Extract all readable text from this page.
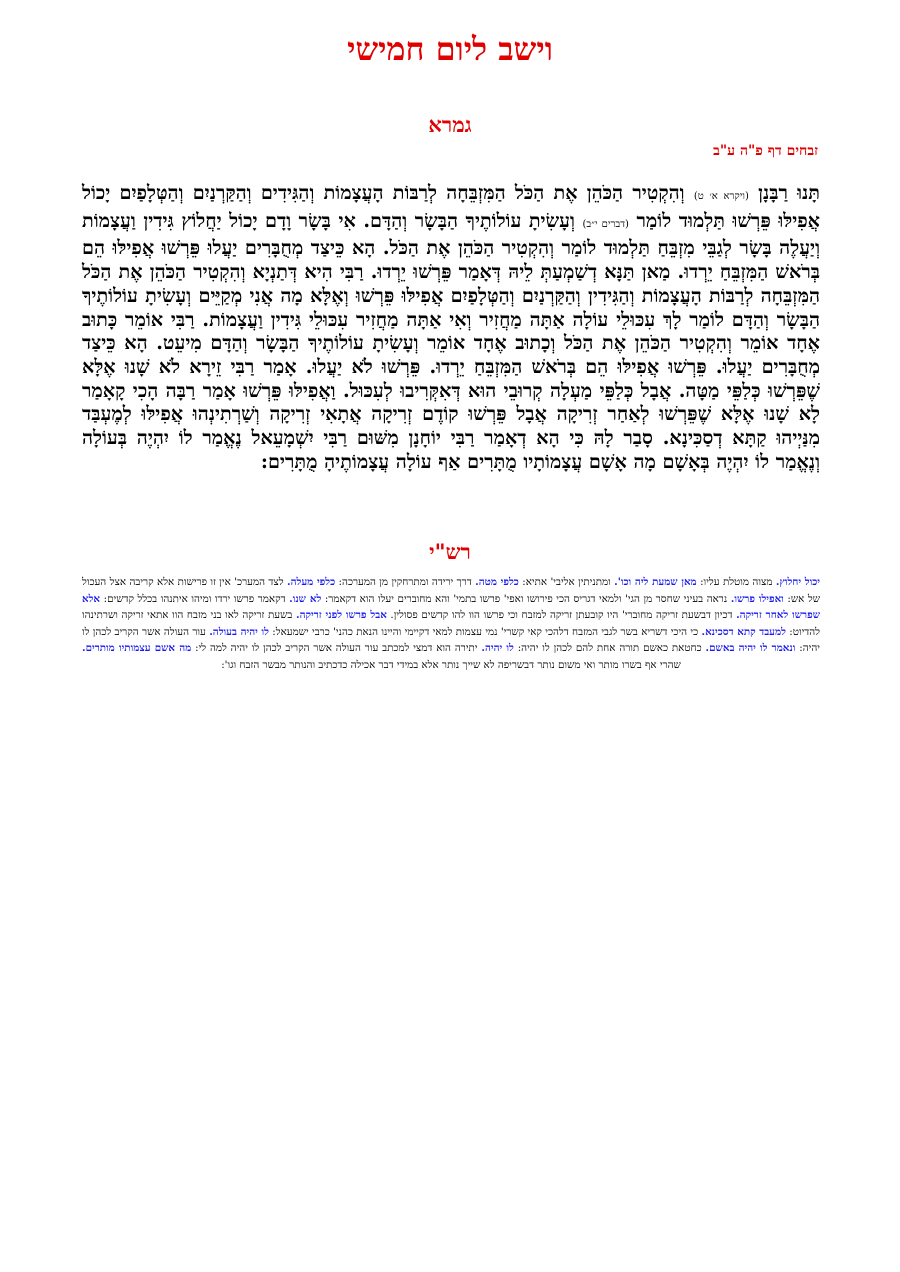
וישב ליום חמישי
גמרא
זבחים דף פ"ה ע"ב

תָּנוּ רַבָּנָן (ויקרא א׳ ט) וְהִקְטִיר הַכֹּהֵן אֶת הַכֹּל הַמִּזְבֵּחָה לְרַבּוֹת הָעֲצָמוֹת וְהַגִּידִים וְהַקַּרְנַיִם וְהַטְּלָפַיִם יָכוֹל אֲפִילּוּ פֵּרְשׁוּ תַּלְמוּד לוֹמַר (דברים י״ב) וְעָשִׂיתָ עוֹלוֹתֶיךָ הַבָּשָׂר וְהַדָּם. אִי בָּשָׂר וָדָם יָכוֹל יַחֲלוֹץ גִּידִין וַעֲצָמוֹת וְיַעֲלֶה בָּשָׂר לְגַבֵּי מִזְבֵּחַ תַּלְמוּד לוֹמַר וְהִקְטִיר הַכֹּהֵן אֶת הַכֹּל. הָא כֵּיצַד מְחֻבָּרִים יַעֲלוּ פֵּרְשׁוּ אֲפִילּוּ הֵם בְּרֹאשׁ הַמִּזְבֵּחַ יֵרְדוּ. מַאן תַּנָּא דְשַׁמְעַתְּ לֵיהּ דְּאָמַר פֵּרְשׁוּ יֵרְדוּ. רַבִּי הִיא דְּתַנְיָא וְהִקְטִיר הַכֹּהֵן אֶת הַכֹּל הַמִּזְבֵּחָה לְרַבּוֹת הָעֲצָמוֹת וְהַגִּידִין וְהַקַּרְנַיִם וְהַטְּלָפַיִם אֲפִילּוּ פֵּרְשׁוּ וְאֶלָּא מָה אֲנִי מְקַיֵּים וְעָשִׂיתָ עוֹלוֹתֶיךָ הַבָּשָׂר וְהַדָּם לוֹמַר לָךְ עִכּוּלֵי עוֹלָה אַתָּה מַחֲזִיר וְאִי אַתָּה מַחֲזִיר עִכּוּלֵי גִּידִין וַעֲצָמוֹת. רַבִּי אוֹמֵר כָּתוּב אֶחָד אוֹמֵר וְהִקְטִיר הַכֹּהֵן אֶת הַכֹּל וְכָתוּב אֶחָד אוֹמֵר וְעָשִׂיתָ עוֹלוֹתֶיךָ הַבָּשָׂר וְהַדָּם מִיעֵט. הָא כֵּיצַד מְחֻבָּרִים יַעֲלוּ. פֵּרְשׁוּ אֲפִילּוּ הֵם בְּרֹאשׁ הַמִּזְבֵּחַ יֵרְדוּ. פֵּרְשׁוּ לֹא יַעֲלוּ. אָמַר רַבִּי זֵירָא לֹא שָׁנוּ אֶלָּא שֶׁפֵּרְשׁוּ כְּלַפֵּי מַטָּה. אֲבָל כְּלַפֵּי מַעְלָה קְרוּבֵי הוּא דְּאִקְּרִיבוּ לְעִכּוּל. וַאֲפִילּוּ פֵּרְשׁוּ אָמַר רַבָּה הָכִי קָאָמַר לָא שָׁנוּ אֶלָּא שֶׁפֵּרְשׁוּ לְאַחַר זְרִיקָה אֲבָל פֵּרְשׁוּ קוֹדֶם זְרִיקָה אֲתָאִי זְרִיקָה וְשַׁרְתִינְהוּ אֲפִילּוּ לְמֶעְבַּד מִנַּיְיהוּ קַתָּא דְסַכִּינָא. סָבַר לָהּ כִּי הָא דְאָמַר רַבִּי יוֹחָנָן מִשּׁוּם רַבִּי יִשְׁמָעֵאל נֶאֱמַר לוֹ יִהְיֶה בְּעוֹלָה וְנֶאֱמַר לוֹ יִהְיֶה בְּאָשָׁם מָה אָשָׁם עֲצָמוֹתָיו מֻתָּרִים אַף עוֹלָה עֲצָמוֹתֶיהָ מֻתָּרִים:

רש"י

יכול יחלוץ. מצוה מוטלת עליו: מאן שמעת ליה וכו'. ומתניתין אליבי' אתיא: כלפי מטה. דרך ירידה ומתרחקין מן המערכה: כלפי מעלה. לצד המערכ' אין זו פרישות אלא קריבה אצל העכול של אש: ואפילו פרשו. נראה בעיני שחסר מן הגי' ולמאי דגריס הכי פירושו ואפי' פרשו בתמי' והא מחוברים יעלו הוא דקאמר: לא שנו. דקאמר פרשו ירדו ומיהו איתנהו בכלל קדשים: אלא שפרשו לאחר זריקה. דכיון דבשעת זריקה מחוברי' היו קובעתן זריקה למזבח וכי פרשו הוו להו קדשים פסולין. אבל פרשו לפני זריקה. בשעת זריקה לאו בני מזבח הוו אתאי זריקה ושרתינהו להדיוט: למעבד קתא דסכינא. כי היכי דשריא בשר לגבי המזבח דלהכי קאי קשרי' נמי עצמות למאי דקיימי והיינו הנאת כהני' כרבי ישמעאל: לו יהיה בעולה. עור העולה אשר הקריב לכהן לו יהיה: ונאמר לו יהיה באשם. כחטאת כאשם תורה אחת להם לכהן לו יהיה: לו יהיה. יתירה הוא דמצי למכתב עור העולה אשר הקריב לכהן לו יהיה למה לי: מה אשם עצמותיו מותרים. שהרי אף בשרו מותר ואי משום נותר דבשריפה לא שייך נותר אלא במידי דבר אכילה כדכתיב והנותר מבשר הזבח וגו':
